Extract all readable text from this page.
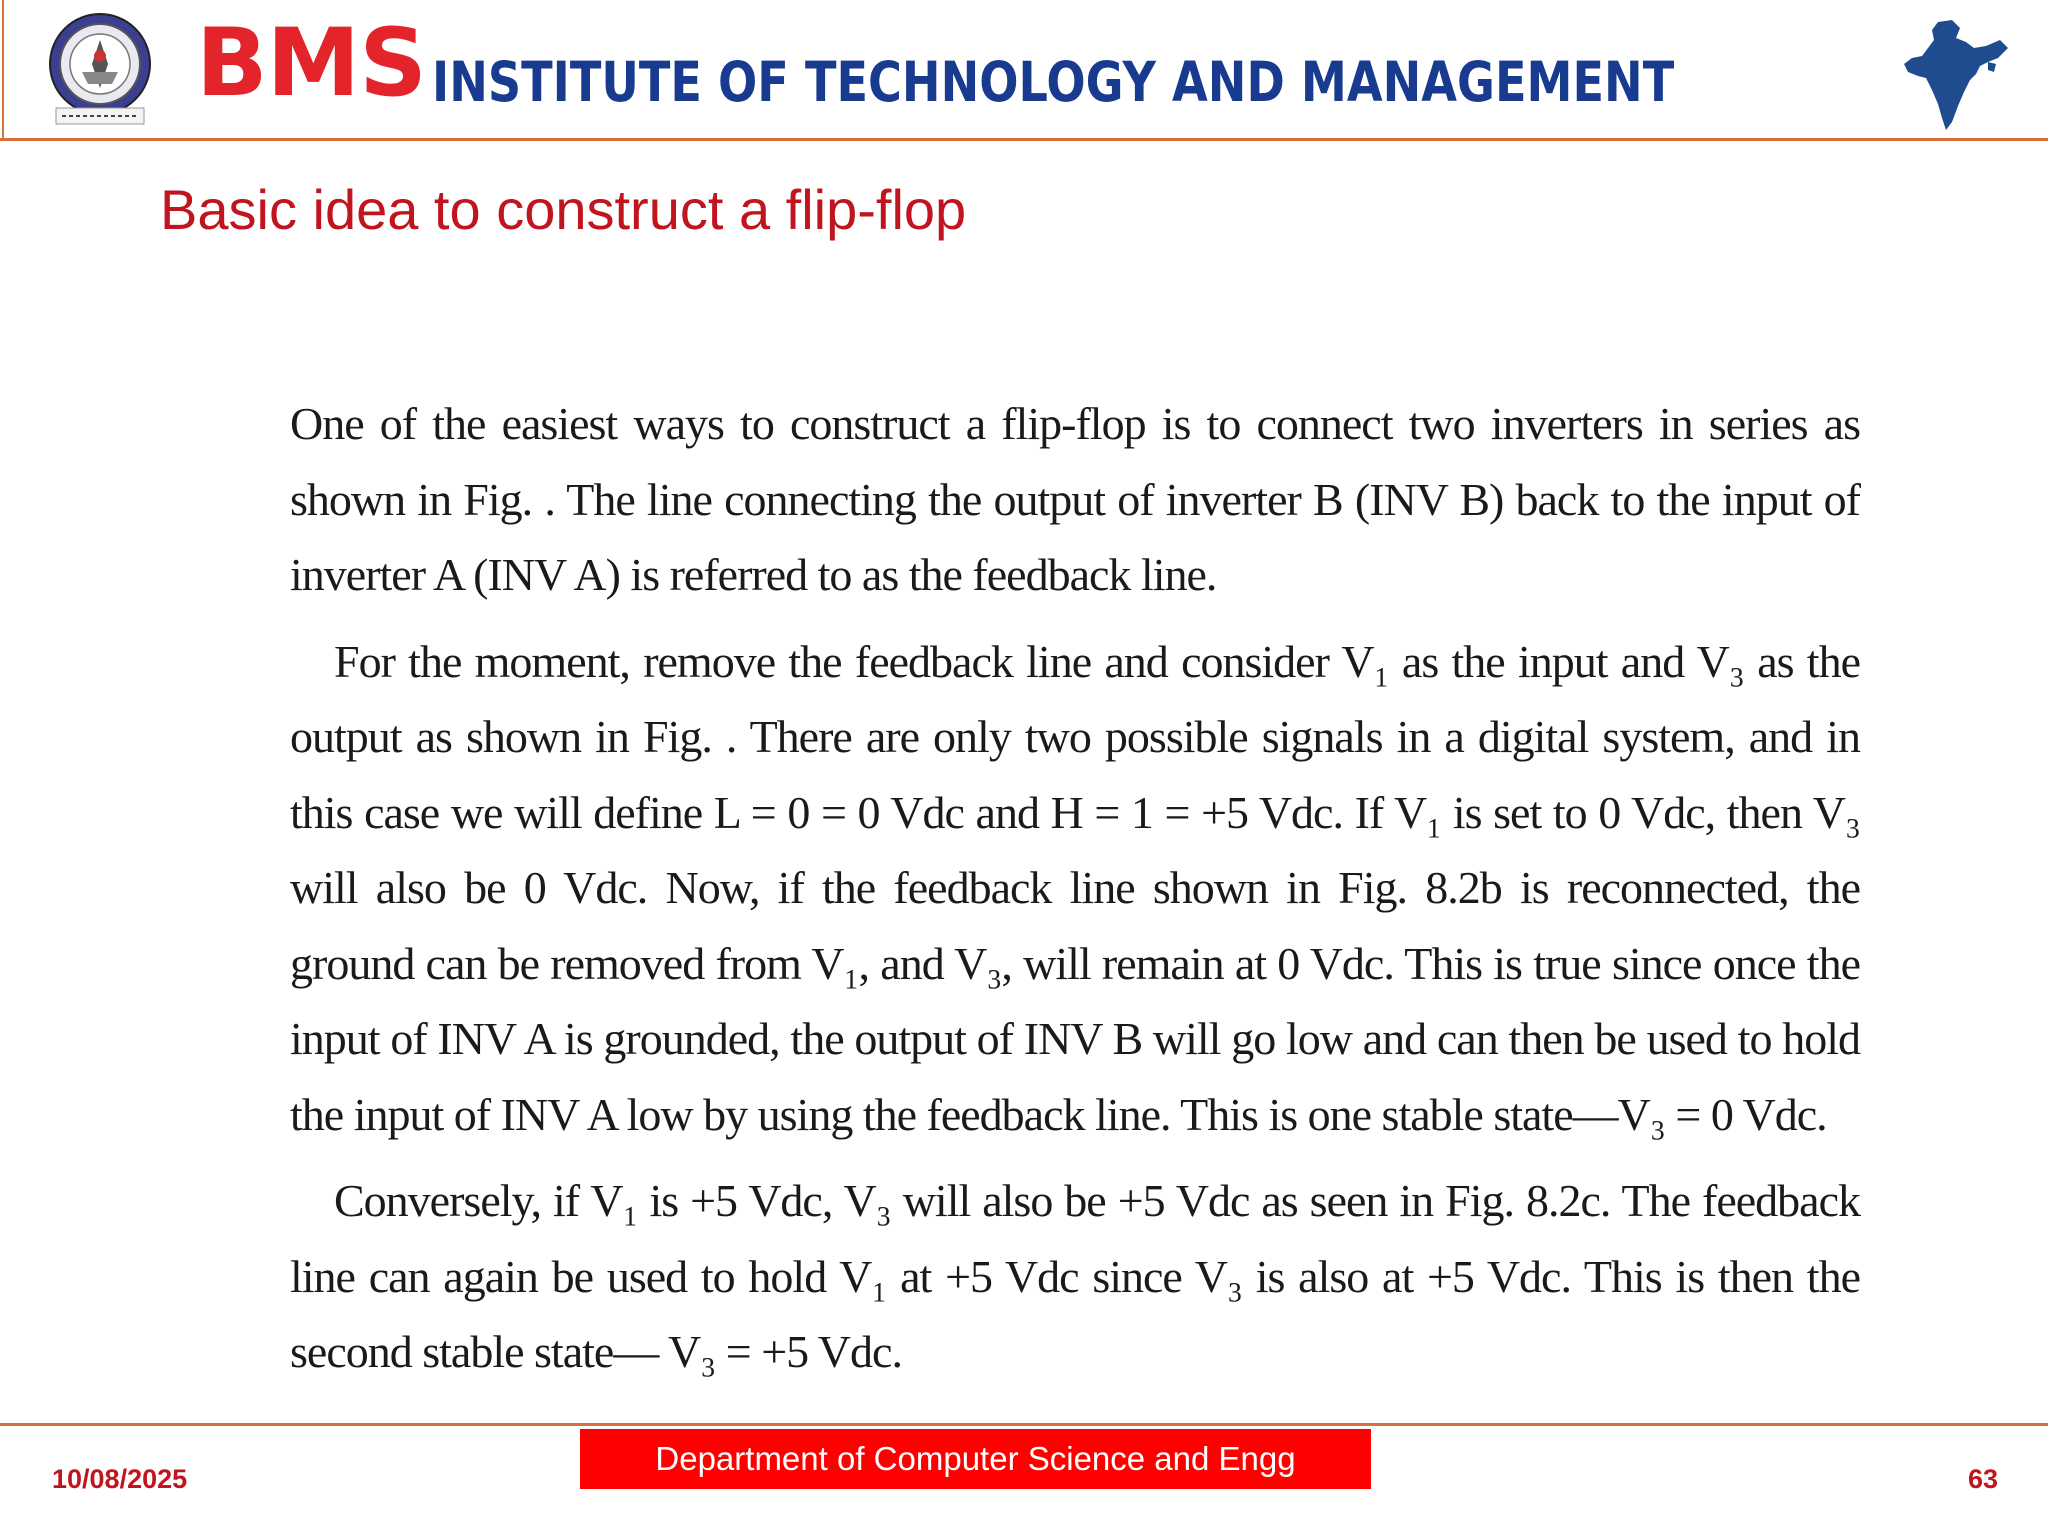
BMS INSTITUTE OF TECHNOLOGY AND MANAGEMENT
Basic idea to construct a flip-flop

One of the easiest ways to construct a flip-flop is to connect two inverters in series as shown in Fig. . The line connecting the output of inverter B (INV B) back to the input of inverter A (INV A) is referred to as the feedback line.

For the moment, remove the feedback line and consider V₁ as the input and V₃ as the output as shown in Fig. . There are only two possible signals in a digital system, and in this case we will define L = 0 = 0 Vdc and H = 1 = +5 Vdc. If V₁ is set to 0 Vdc, then V₃ will also be 0 Vdc. Now, if the feedback line shown in Fig. 8.2b is reconnected, the ground can be removed from V₁, and V₃, will remain at 0 Vdc. This is true since once the input of INV A is grounded, the output of INV B will go low and can then be used to hold the input of INV A low by using the feedback line. This is one stable state—V₃ = 0 Vdc.

Conversely, if V₁ is +5 Vdc, V₃ will also be +5 Vdc as seen in Fig. 8.2c. The feedback line can again be used to hold V₁ at +5 Vdc since V₃ is also at +5 Vdc. This is then the second stable state— V₃ = +5 Vdc.

10/08/2025
Department of Computer Science and Engg
63
